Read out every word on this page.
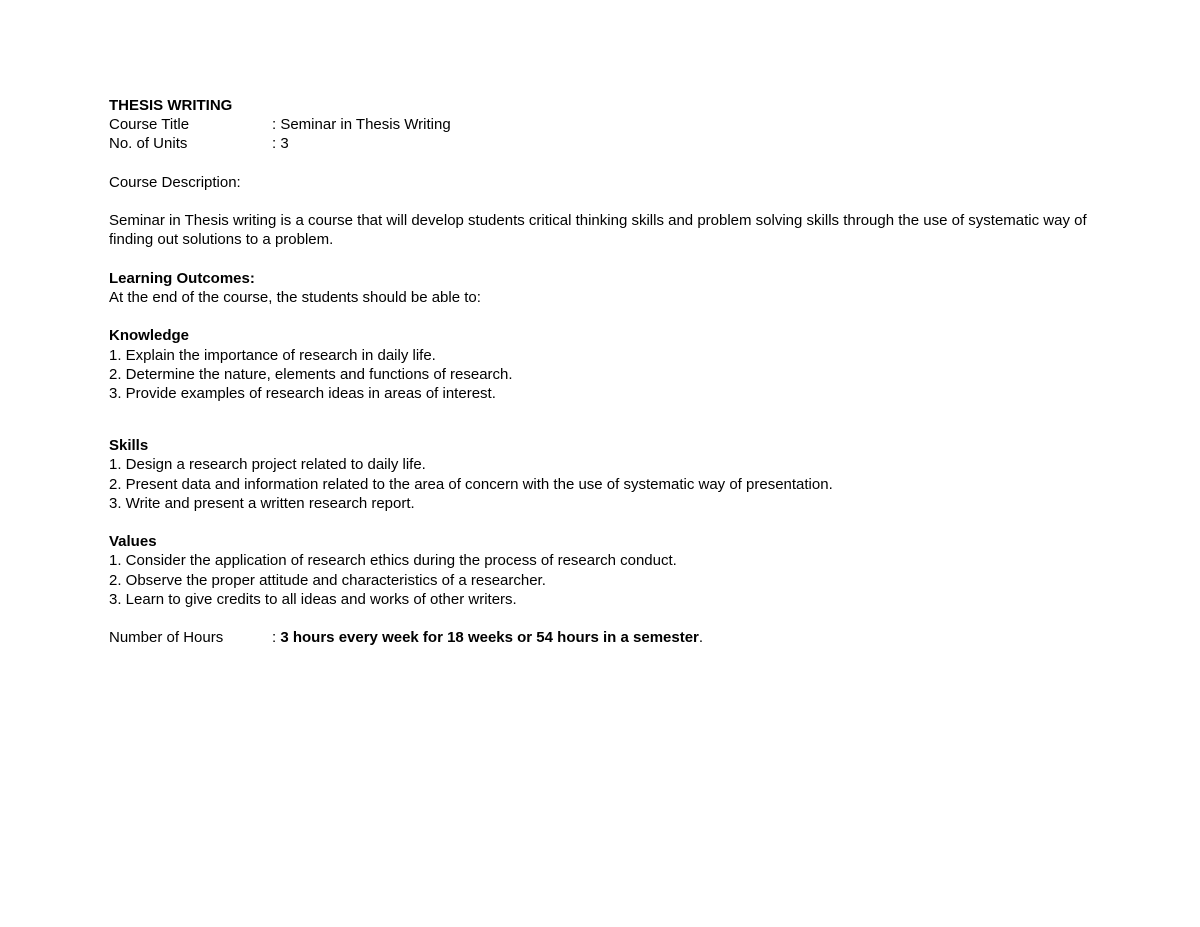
THESIS WRITING
Course Title	: Seminar in Thesis Writing
No. of Units	: 3
Course Description:
Seminar in Thesis writing is a course that will develop students critical thinking skills and problem solving skills through the use of systematic way of finding out solutions to a problem.
Learning Outcomes:
At the end of the course, the students should be able to:
Knowledge
1. Explain the importance of research in daily life.
2. Determine the nature, elements and functions of research.
3. Provide examples of research ideas in areas of interest.
Skills
1. Design a research project related to daily life.
2. Present data and information related to the area of concern with the use of systematic way of presentation.
3. Write and present a written research report.
Values
1. Consider the application of research ethics during the process of research conduct.
2. Observe the proper attitude and characteristics of a researcher.
3. Learn to give credits to all ideas and works of other writers.
Number of Hours	: 3 hours every week for 18 weeks or 54 hours in a semester.
